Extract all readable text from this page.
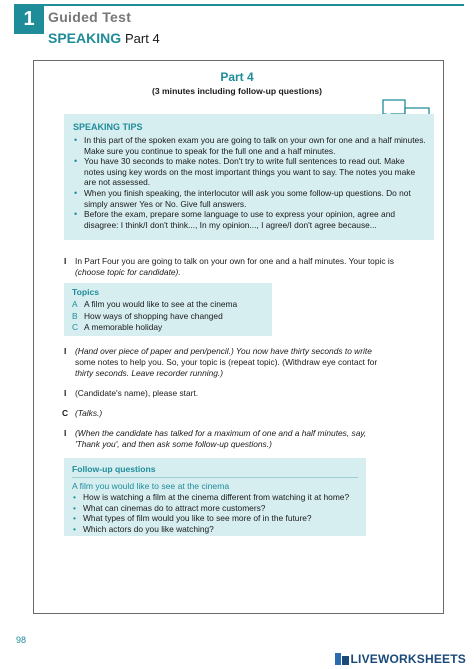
1 Guided Test
SPEAKING Part 4
Part 4
(3 minutes including follow-up questions)
SPEAKING TIPS
• In this part of the spoken exam you are going to talk on your own for one and a half minutes. Make sure you continue to speak for the full one and a half minutes.
• You have 30 seconds to make notes. Don't try to write full sentences to read out. Make notes using key words on the most important things you want to say. The notes you make are not assessed.
• When you finish speaking, the interlocutor will ask you some follow-up questions. Do not simply answer Yes or No. Give full answers.
• Before the exam, prepare some language to use to express your opinion, agree and disagree: I think/I don't think..., In my opinion..., I agree/I don't agree because...
I In Part Four you are going to talk on your own for one and a half minutes. Your topic is
(choose topic for candidate).
Topics
A A film you would like to see at the cinema
B How ways of shopping have changed
C A memorable holiday
I (Hand over piece of paper and pen/pencil.) You now have thirty seconds to write
some notes to help you. So, your topic is (repeat topic). (Withdraw eye contact for
thirty seconds. Leave recorder running.)
I (Candidate's name), please start.
C (Talks.)
I (When the candidate has talked for a maximum of one and a half minutes, say,
'Thank you', and then ask some follow-up questions.)
Follow-up questions
A film you would like to see at the cinema
• How is watching a film at the cinema different from watching it at home?
• What can cinemas do to attract more customers?
• What types of film would you like to see more of in the future?
• Which actors do you like watching?
98
LIVEWORKSHEETS
